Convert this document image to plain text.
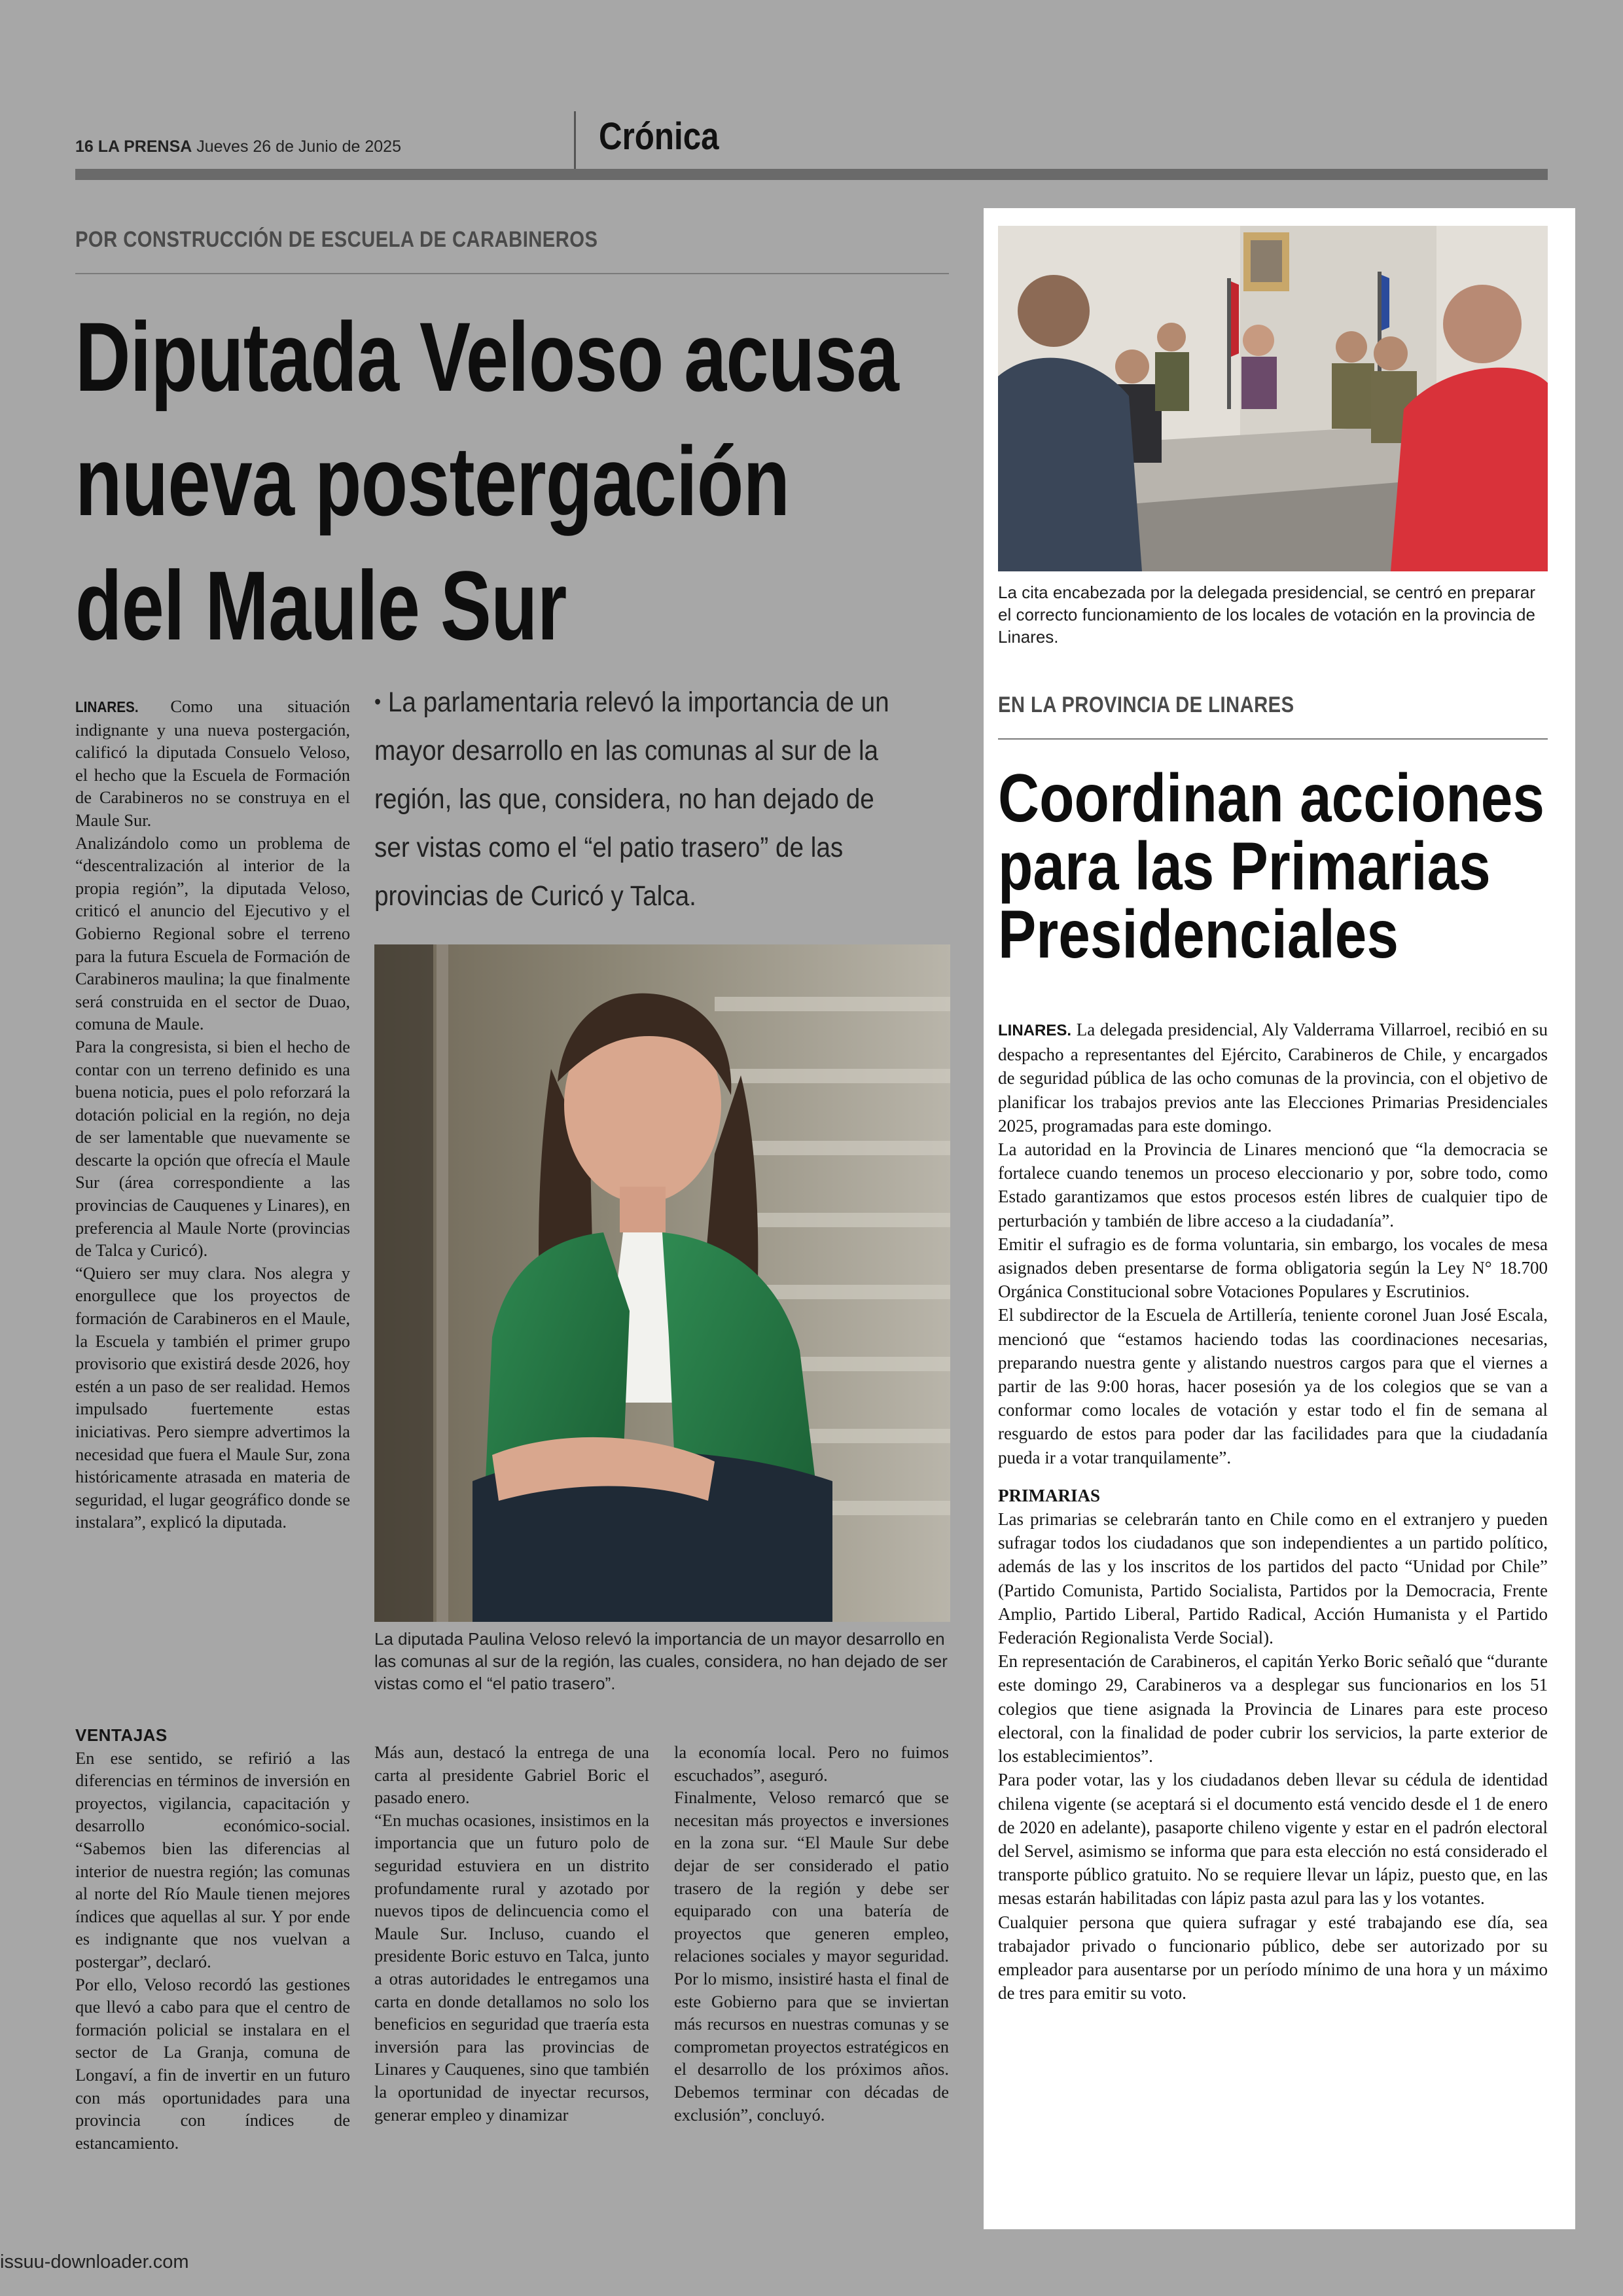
16 LA PRENSA Jueves 26 de Junio de 2025	Crónica
POR CONSTRUCCIÓN DE ESCUELA DE CARABINEROS
Diputada Veloso acusa
nueva postergación
del Maule Sur
• La parlamentaria relevó la importancia de un mayor desarrollo en las comunas al sur de la región, las que, considera, no han dejado de ser vistas como el “el patio trasero” de las provincias de Curicó y Talca.

LINARES. Como una situación indignante y una nueva postergación, calificó la diputada Consuelo Veloso, el hecho que la Escuela de Formación de Carabineros no se construya en el Maule Sur.

Analizándolo como un problema de “descentralización al interior de la propia región”, la diputada Veloso, criticó el anuncio del Ejecutivo y el Gobierno Regional sobre el terreno para la futura Escuela de Formación de Carabineros maulina; la que finalmente será construida en el sector de Duao, comuna de Maule.

Para la congresista, si bien el hecho de contar con un terreno definido es una buena noticia, pues el polo reforzará la dotación policial en la región, no deja de ser lamentable que nuevamente se descarte la opción que ofrecía el Maule Sur (área correspondiente a las provincias de Cauquenes y Linares), en preferencia al Maule Norte (provincias de Talca y Curicó).

“Quiero ser muy clara. Nos alegra y enorgullece que los proyectos de formación de Carabineros en el Maule, la Escuela y también el primer grupo provisorio que existirá desde 2026, hoy estén a un paso de ser realidad. Hemos impulsado fuertemente estas iniciativas. Pero siempre advertimos la necesidad que fuera el Maule Sur, zona históricamente atrasada en materia de seguridad, el lugar geográfico donde se instalara”, explicó la diputada.

La diputada Paulina Veloso relevó la importancia de un mayor desarrollo en las comunas al sur de la región, las cuales, considera, no han dejado de ser vistas como el “el patio trasero”.

VENTAJAS

En ese sentido, se refirió a las diferencias en términos de inversión en proyectos, vigilancia, capacitación y desarrollo económico-social. “Sabemos bien las diferencias al interior de nuestra región; las comunas al norte del Río Maule tienen mejores índices que aquellas al sur. Y por ende es indignante que nos vuelvan a postergar”, declaró.

Por ello, Veloso recordó las gestiones que llevó a cabo para que el centro de formación policial se instalara en el sector de La Granja, comuna de Longaví, a fin de invertir en un futuro con más oportunidades para una provincia con índices de estancamiento.

Más aun, destacó la entrega de una carta al presidente Gabriel Boric el pasado enero.

“En muchas ocasiones, insistimos en la importancia que un futuro polo de seguridad estuviera en un distrito profundamente rural y azotado por nuevos tipos de delincuencia como el Maule Sur. Incluso, cuando el presidente Boric estuvo en Talca, junto a otras autoridades le entregamos una carta en donde detallamos no solo los beneficios en seguridad que traería esta inversión para las provincias de Linares y Cauquenes, sino que también la oportunidad de inyectar recursos, generar empleo y dinamizar

la economía local. Pero no fuimos escuchados”, aseguró.

Finalmente, Veloso remarcó que se necesitan más proyectos e inversiones en la zona sur. “El Maule Sur debe dejar de ser considerado el patio trasero de la región y debe ser equiparado con una batería de proyectos que generen empleo, relaciones sociales y mayor seguridad. Por lo mismo, insistiré hasta el final de este Gobierno para que se inviertan más recursos en nuestras comunas y se comprometan proyectos estratégicos en el desarrollo de los próximos años. Debemos terminar con décadas de exclusión”, concluyó.

La cita encabezada por la delegada presidencial, se centró en preparar el correcto funcionamiento de los locales de votación en la provincia de Linares.
EN LA PROVINCIA DE LINARES
Coordinan acciones
para las Primarias
Presidenciales

LINARES. La delegada presidencial, Aly Valderrama Villarroel, recibió en su despacho a representantes del Ejército, Carabineros de Chile, y encargados de seguridad pública de las ocho comunas de la provincia, con el objetivo de planificar los trabajos previos ante las Elecciones Primarias Presidenciales 2025, programadas para este domingo.

La autoridad en la Provincia de Linares mencionó que “la democracia se fortalece cuando tenemos un proceso eleccionario y por, sobre todo, como Estado garantizamos que estos procesos estén libres de cualquier tipo de perturbación y también de libre acceso a la ciudadanía”.

Emitir el sufragio es de forma voluntaria, sin embargo, los vocales de mesa asignados deben presentarse de forma obligatoria según la Ley N° 18.700 Orgánica Constitucional sobre Votaciones Populares y Escrutinios.

El subdirector de la Escuela de Artillería, teniente coronel Juan José Escala, mencionó que “estamos haciendo todas las coordinaciones necesarias, preparando nuestra gente y alistando nuestros cargos para que el viernes a partir de las 9:00 horas, hacer posesión ya de los colegios que se van a conformar como locales de votación y estar todo el fin de semana al resguardo de estos para poder dar las facilidades para que la ciudadanía pueda ir a votar tranquilamente”.

PRIMARIAS

Las primarias se celebrarán tanto en Chile como en el extranjero y pueden sufragar todos los ciudadanos que son independientes a un partido político, además de las y los inscritos de los partidos del pacto “Unidad por Chile” (Partido Comunista, Partido Socialista, Partidos por la Democracia, Frente Amplio, Partido Liberal, Partido Radical, Acción Humanista y el Partido Federación Regionalista Verde Social).

En representación de Carabineros, el capitán Yerko Boric señaló que “durante este domingo 29, Carabineros va a desplegar sus funcionarios en los 51 colegios que tiene asignada la Provincia de Linares para este proceso electoral, con la finalidad de poder cubrir los servicios, la parte exterior de los establecimientos”.

Para poder votar, las y los ciudadanos deben llevar su cédula de identidad chilena vigente (se aceptará si el documento está vencido desde el 1 de enero de 2020 en adelante), pasaporte chileno vigente y estar en el padrón electoral del Servel, asimismo se informa que para esta elección no está considerado el transporte público gratuito. No se requiere llevar un lápiz, puesto que, en las mesas estarán habilitadas con lápiz pasta azul para las y los votantes.

Cualquier persona que quiera sufragar y esté trabajando ese día, sea trabajador privado o funcionario público, debe ser autorizado por su empleador para ausentarse por un período mínimo de una hora y un máximo de tres para emitir su voto.

issuu-downloader.com
